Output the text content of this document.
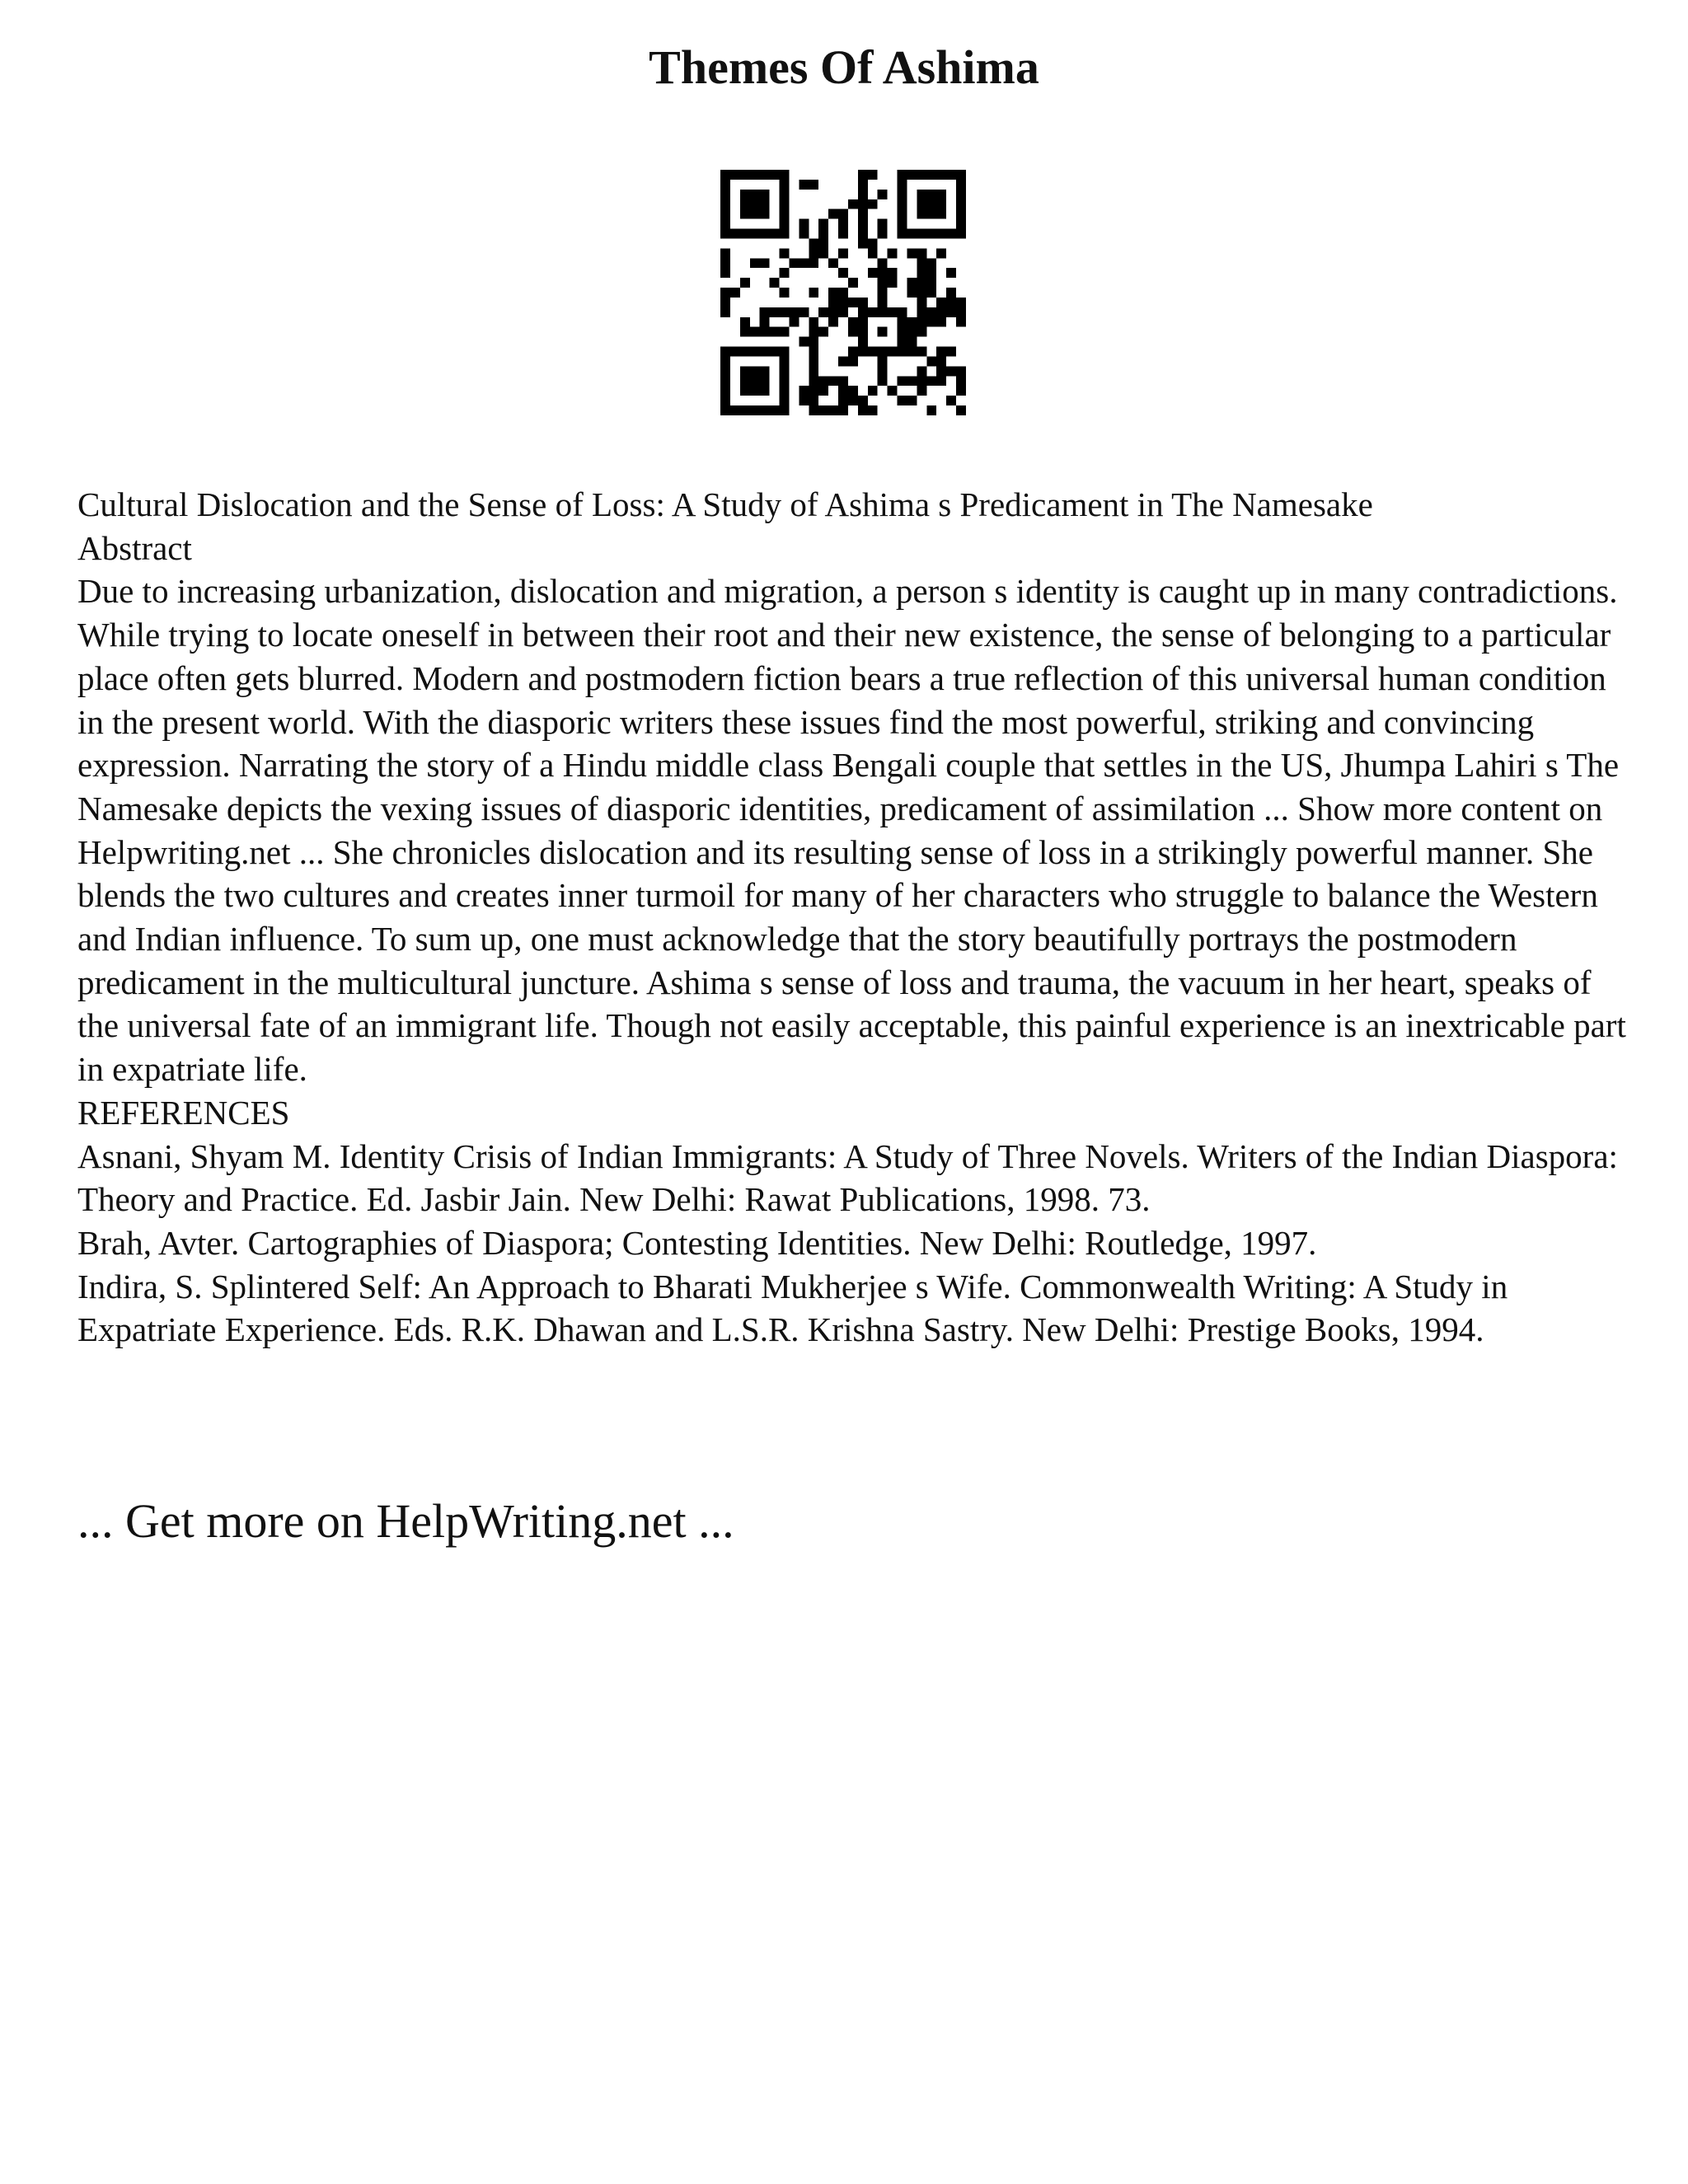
Themes Of Ashima

Cultural Dislocation and the Sense of Loss: A Study of Ashima s Predicament in The Namesake

Abstract

Due to increasing urbanization, dislocation and migration, a person s identity is caught up in many contradictions. While trying to locate oneself in between their root and their new existence, the sense of belonging to a particular place often gets blurred. Modern and postmodern fiction bears a true reflection of this universal human condition in the present world. With the diasporic writers these issues find the most powerful, striking and convincing expression. Narrating the story of a Hindu middle class Bengali couple that settles in the US, Jhumpa Lahiri s The Namesake depicts the vexing issues of diasporic identities, predicament of assimilation ... Show more content on Helpwriting.net ... She chronicles dislocation and its resulting sense of loss in a strikingly powerful manner. She blends the two cultures and creates inner turmoil for many of her characters who struggle to balance the Western and Indian influence. To sum up, one must acknowledge that the story beautifully portrays the postmodern predicament in the multicultural juncture. Ashima s sense of loss and trauma, the vacuum in her heart, speaks of the universal fate of an immigrant life. Though not easily acceptable, this painful experience is an inextricable part in expatriate life.

REFERENCES

Asnani, Shyam M. Identity Crisis of Indian Immigrants: A Study of Three Novels. Writers of the Indian Diaspora: Theory and Practice. Ed. Jasbir Jain. New Delhi: Rawat Publications, 1998. 73.

Brah, Avter. Cartographies of Diaspora; Contesting Identities. New Delhi: Routledge, 1997.

Indira, S. Splintered Self: An Approach to Bharati Mukherjee s Wife. Commonwealth Writing: A Study in Expatriate Experience. Eds. R.K. Dhawan and L.S.R. Krishna Sastry. New Delhi: Prestige Books, 1994.

... Get more on HelpWriting.net ...
